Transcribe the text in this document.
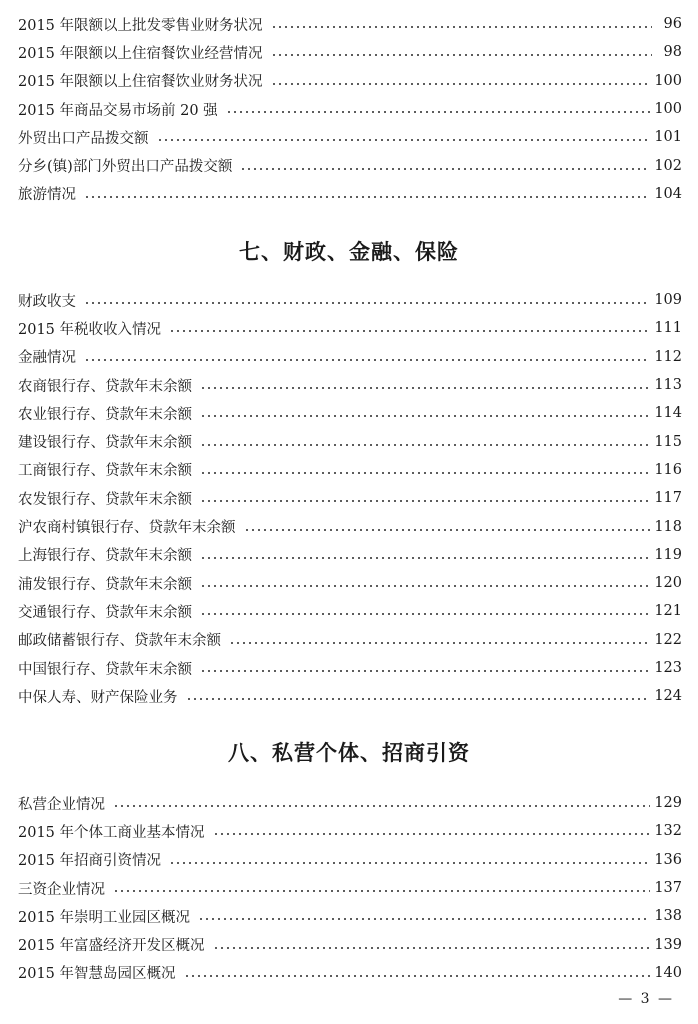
2015 年限额以上批发零售业财务状况	96
2015 年限额以上住宿餐饮业经营情况	98
2015 年限额以上住宿餐饮业财务状况	100
2015 年商品交易市场前 20 强	100
外贸出口产品拨交额	101
分乡(镇)部门外贸出口产品拨交额	102
旅游情况	104
七、财政、金融、保险
财政收支	109
2015 年税收收入情况	111
金融情况	112
农商银行存、贷款年末余额	113
农业银行存、贷款年末余额	114
建设银行存、贷款年末余额	115
工商银行存、贷款年末余额	116
农发银行存、贷款年末余额	117
沪农商村镇银行存、贷款年末余额	118
上海银行存、贷款年末余额	119
浦发银行存、贷款年末余额	120
交通银行存、贷款年末余额	121
邮政储蓄银行存、贷款年末余额	122
中国银行存、贷款年末余额	123
中保人寿、财产保险业务	124
八、私营个体、招商引资
私营企业情况	129
2015 年个体工商业基本情况	132
2015 年招商引资情况	136
三资企业情况	137
2015 年崇明工业园区概况	138
2015 年富盛经济开发区概况	139
2015 年智慧岛园区概况	140
— 3 —
